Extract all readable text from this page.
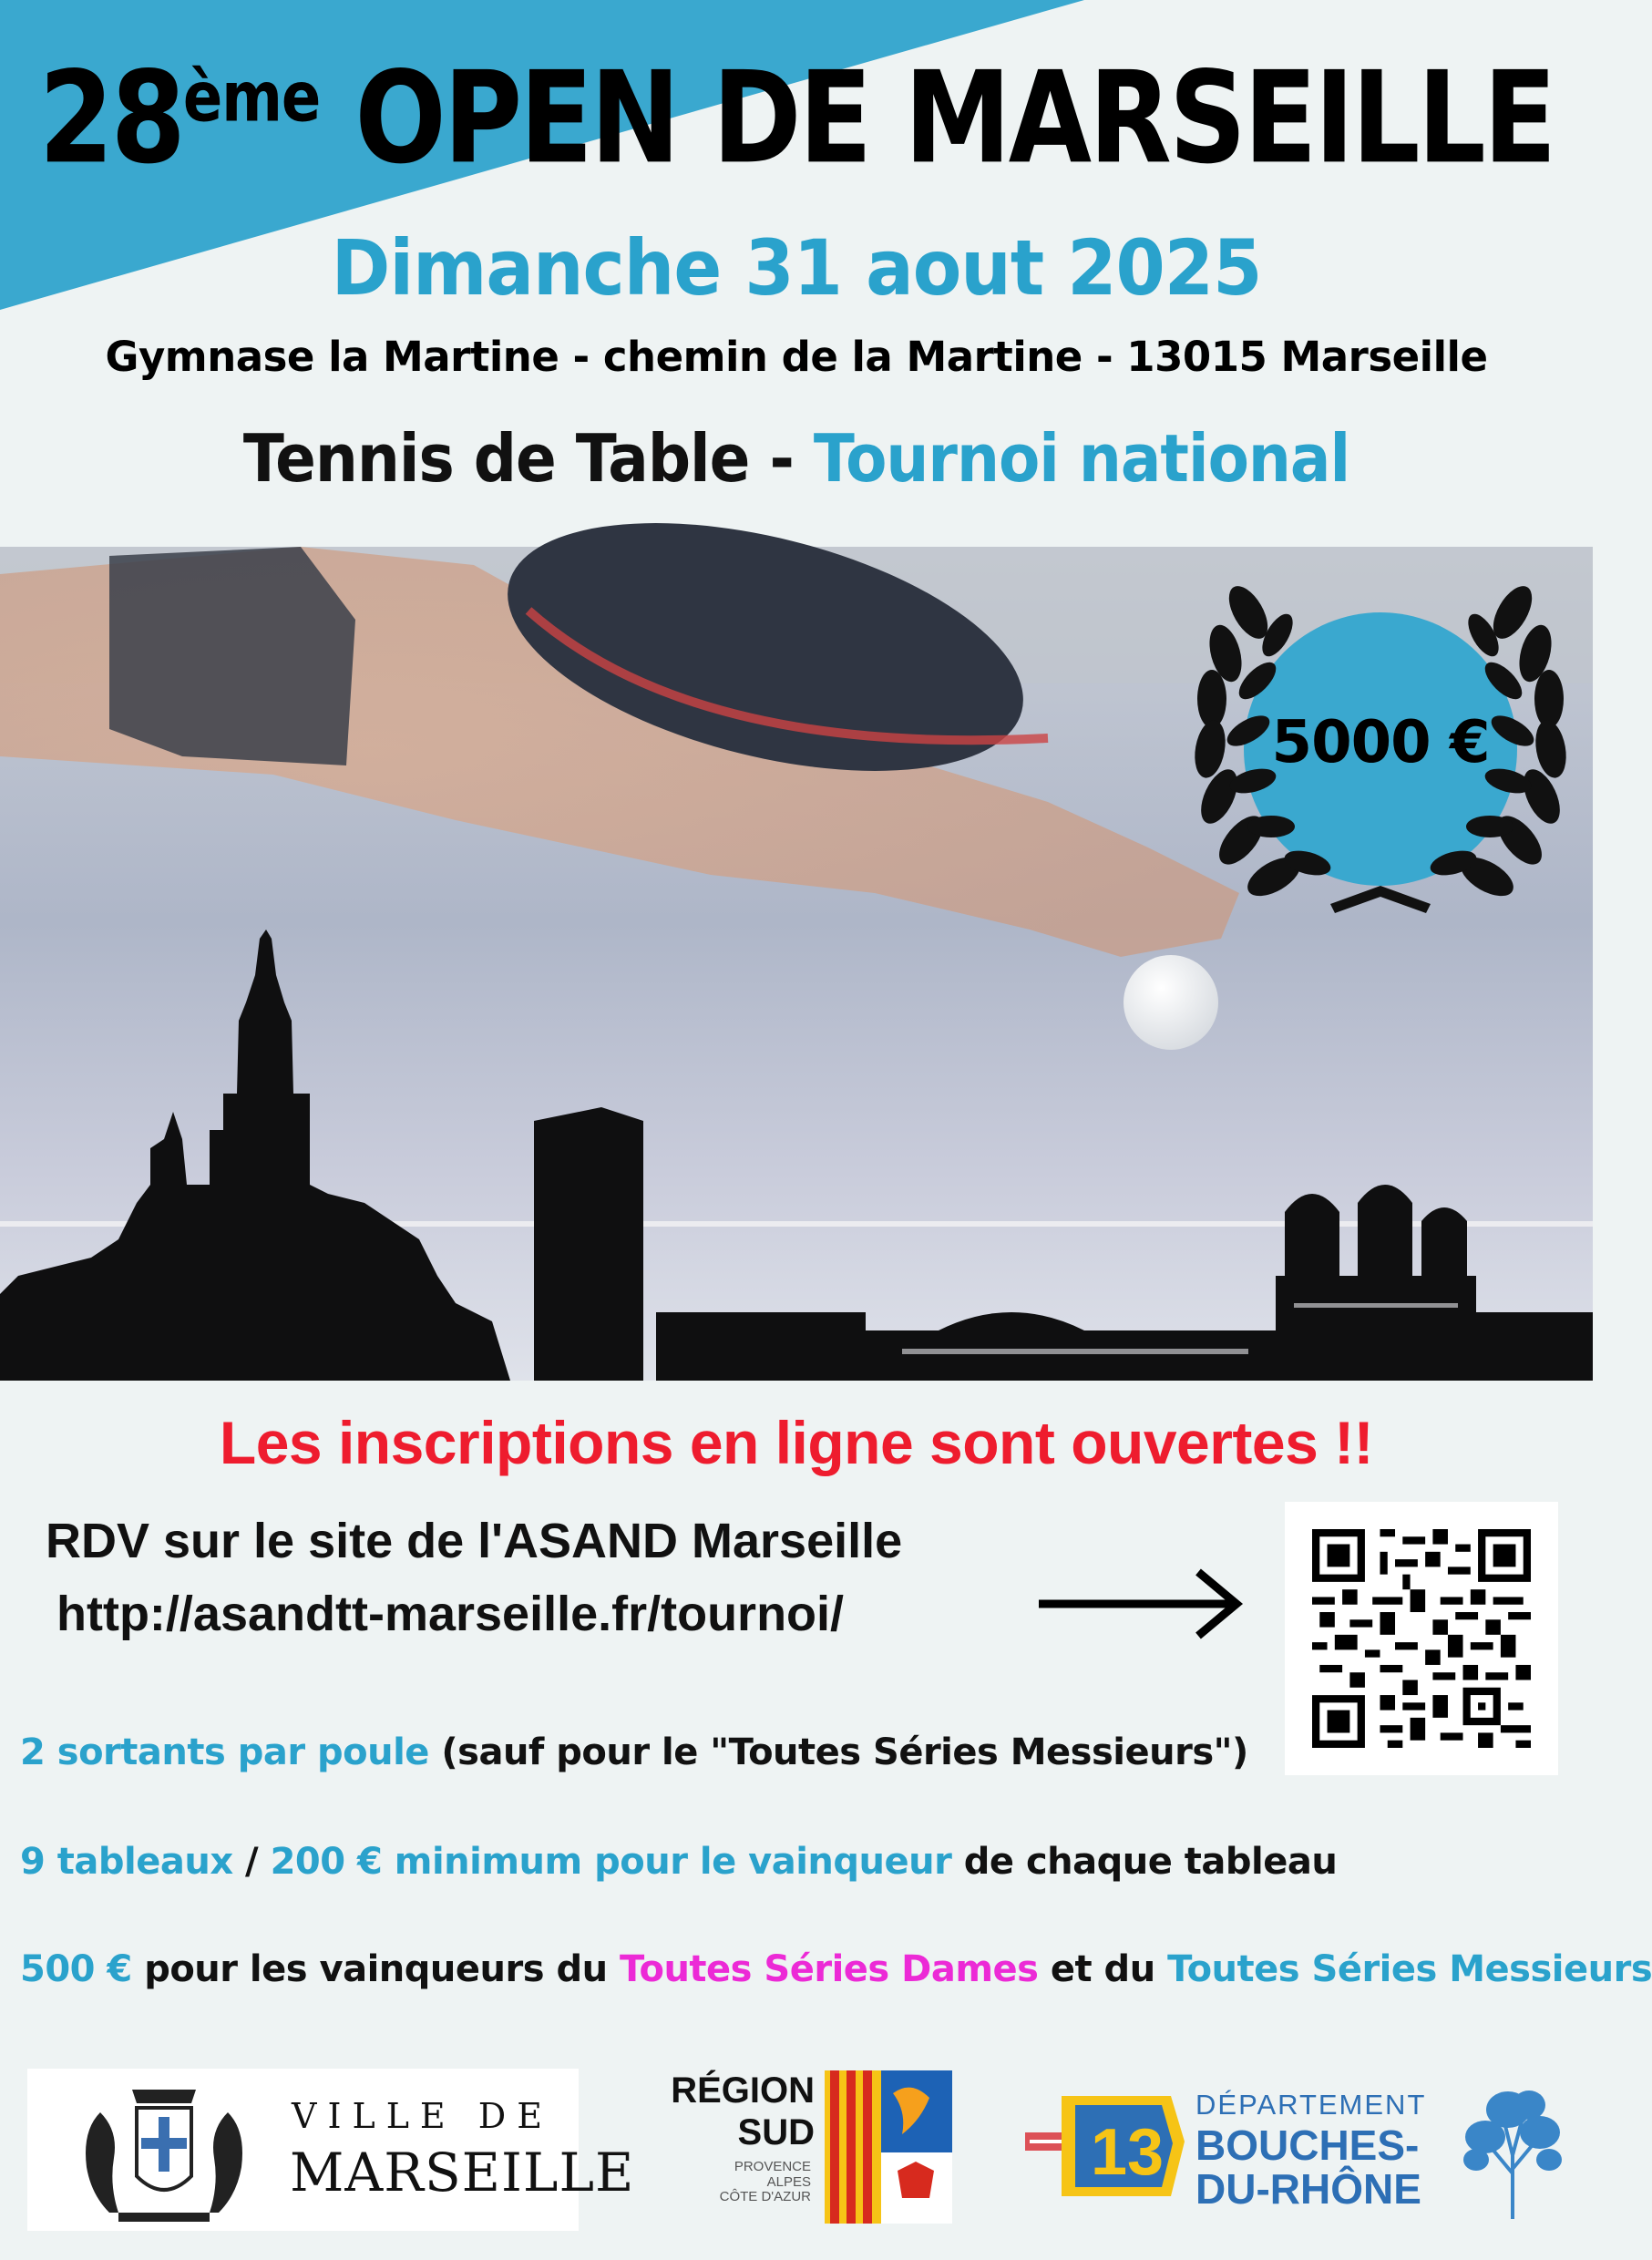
28ème OPEN DE MARSEILLE
Dimanche 31 aout 2025
Gymnase la Martine - chemin de la Martine - 13015 Marseille
Tennis de Table - Tournoi national
5000 €
Les inscriptions en ligne sont ouvertes !!
RDV sur le site de l'ASAND Marseille
http://asandtt-marseille.fr/tournoi/
2 sortants par poule (sauf pour le "Toutes Séries Messieurs")
9 tableaux / 200 € minimum pour le vainqueur de chaque tableau
500 € pour les vainqueurs du Toutes Séries Dames et du Toutes Séries Messieurs
VILLE DE
MARSEILLE
RÉGION
SUD
PROVENCE
ALPES
CÔTE D'AZUR
13
DÉPARTEMENT
BOUCHES-
DU-RHÔNE
